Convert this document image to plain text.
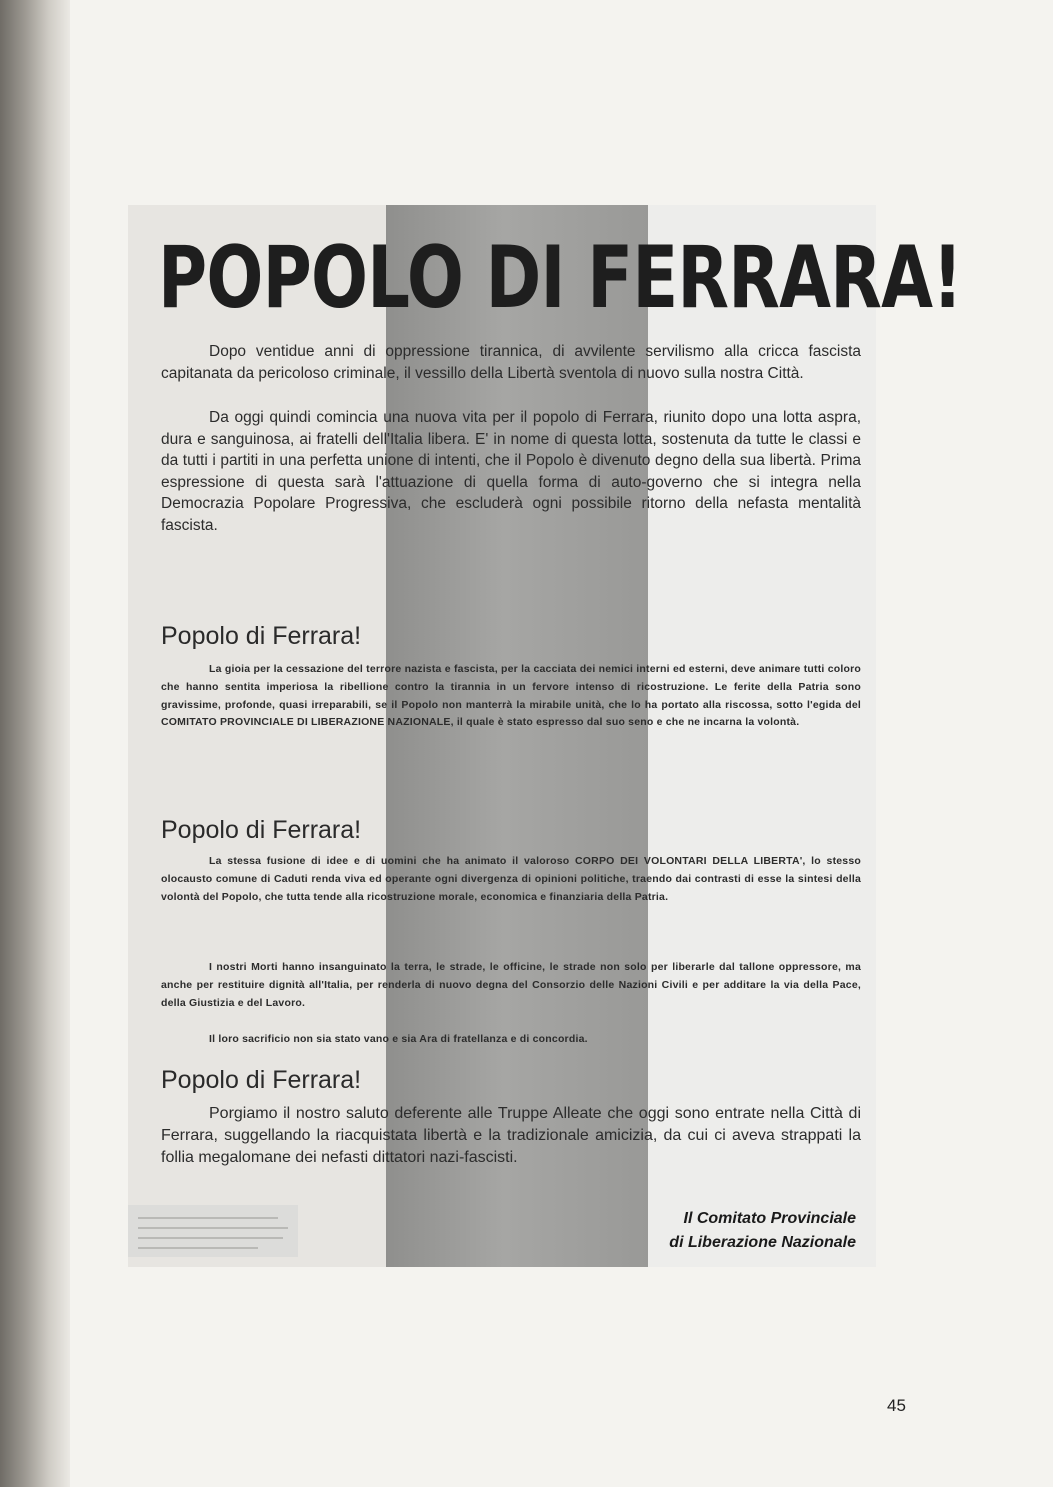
POPOLO DI FERRARA!
Dopo ventidue anni di oppressione tirannica, di avvilente servilismo alla cricca fascista capitanata da pericoloso criminale, il vessillo della Libertà sventola di nuovo sulla nostra Città.
Da oggi quindi comincia una nuova vita per il popolo di Ferrara, riunito dopo una lotta aspra, dura e sanguinosa, ai fratelli dell'Italia libera. E' in nome di questa lotta, sostenuta da tutte le classi e da tutti i partiti in una perfetta unione di intenti, che il Popolo è divenuto degno della sua libertà. Prima espressione di questa sarà l'attuazione di quella forma di auto-governo che si integra nella Democrazia Popolare Progressiva, che escluderà ogni possibile ritorno della nefasta mentalità fascista.
Popolo di Ferrara!
La gioia per la cessazione del terrore nazista e fascista, per la cacciata dei nemici interni ed esterni, deve animare tutti coloro che hanno sentita imperiosa la ribellione contro la tirannia in un fervore intenso di ricostruzione. Le ferite della Patria sono gravissime, profonde, quasi irreparabili, se il Popolo non manterrà la mirabile unità, che lo ha portato alla riscossa, sotto l'egida del COMITATO PROVINCIALE DI LIBERAZIONE NAZIONALE, il quale è stato espresso dal suo seno e che ne incarna la volontà.
Popolo di Ferrara!
La stessa fusione di idee e di uomini che ha animato il valoroso CORPO DEI VOLONTARI DELLA LIBERTA', lo stesso olocausto comune di Caduti renda viva ed operante ogni divergenza di opinioni politiche, traendo dai contrasti di esse la sintesi della volontà del Popolo, che tutta tende alla ricostruzione morale, economica e finanziaria della Patria.
I nostri Morti hanno insanguinato la terra, le strade, le officine, le strade non solo per liberarle dal tallone oppressore, ma anche per restituire dignità all'Italia, per renderla di nuovo degna del Consorzio delle Nazioni Civili e per additare la via della Pace, della Giustizia e del Lavoro.
Il loro sacrificio non sia stato vano e sia Ara di fratellanza e di concordia.
Popolo di Ferrara!
Porgiamo il nostro saluto deferente alle Truppe Alleate che oggi sono entrate nella Città di Ferrara, suggellando la riacquistata libertà e la tradizionale amicizia, da cui ci aveva strappati la follia megalomane dei nefasti dittatori nazi-fascisti.
Il Comitato Provinciale
di Liberazione Nazionale
45
